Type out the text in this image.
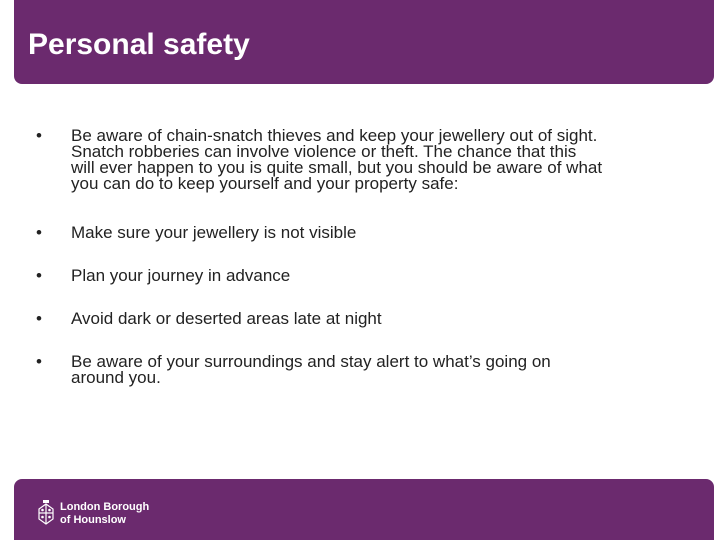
Personal safety
• Be aware of chain-snatch thieves and keep your jewellery out of sight.
Snatch robberies can involve violence or theft. The chance that this
will ever happen to you is quite small, but you should be aware of what
you can do to keep yourself and your property safe:
• Make sure your jewellery is not visible
• Plan your journey in advance
• Avoid dark or deserted areas late at night
• Be aware of your surroundings and stay alert to what’s going on
around you.
London Borough
of Hounslow
